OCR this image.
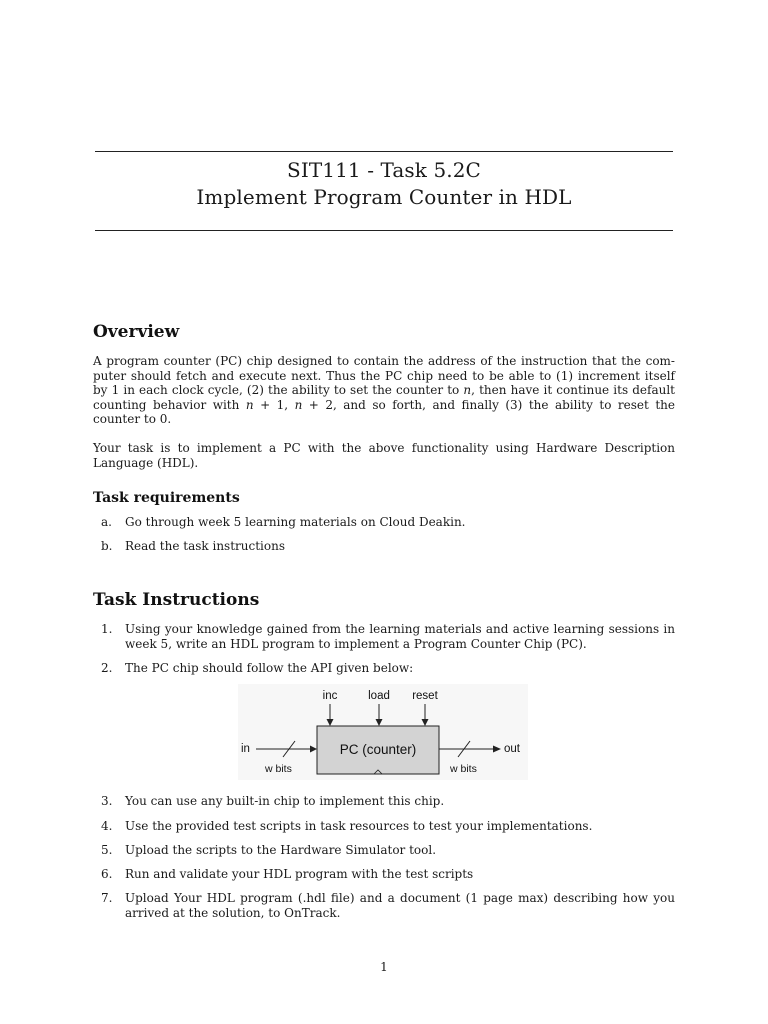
SIT111 - Task 5.2C
Implement Program Counter in HDL
Overview

A program counter (PC) chip designed to contain the address of the instruction that the com- puter should fetch and execute next. Thus the PC chip need to be able to (1) increment itself by 1 in each clock cycle, (2) the ability to set the counter to n, then have it continue its default counting behavior with n + 1, n + 2, and so forth, and finally (3) the ability to reset the counter to 0.

Your task is to implement a PC with the above functionality using Hardware Description Language (HDL).

Task requirements
a.	Go through week 5 learning materials on Cloud Deakin.
b.	Read the task instructions
Task Instructions
1.	Using your knowledge gained from the learning materials and active learning sessions in week 5, write an HDL program to implement a Program Counter Chip (PC).
2.	The PC chip should follow the API given below:
3.	You can use any built-in chip to implement this chip.
4.	Use the provided test scripts in task resources to test your implementations.
5.	Upload the scripts to the Hardware Simulator tool.
6.	Run and validate your HDL program with the test scripts
7.	Upload Your HDL program (.hdl file) and a document (1 page max) describing how you arrived at the solution, to OnTrack.
inc	load reset
PC (counter)
in
w bits
out
w bits
1
